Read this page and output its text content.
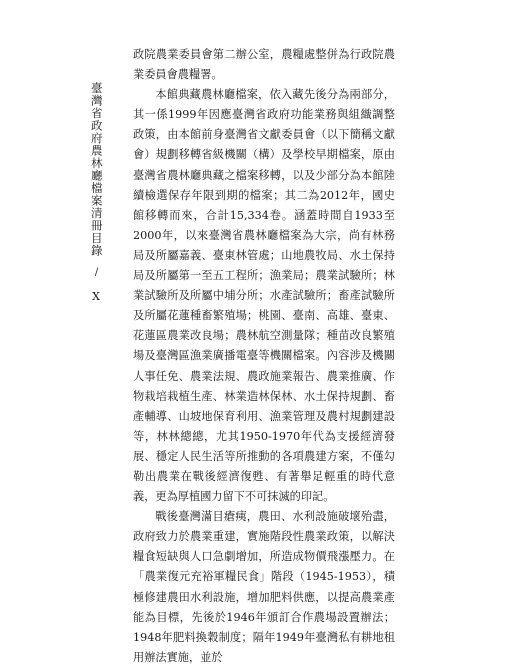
臺灣省政府農林廳檔案清冊目錄
/
X

政院農業委員會第二辦公室，農糧處整併為行政院農業委員會農糧署。

本館典藏農林廳檔案，依入藏先後分為兩部分，其一係1999年因應臺灣省政府功能業務與組織調整政策，由本館前身臺灣省文獻委員會（以下簡稱文獻會）規劃移轉省級機關（構）及學校早期檔案，原由臺灣省農林廳典藏之檔案移轉，以及少部分為本館陸續檢選保存年限到期的檔案；其二為2012年，國史館移轉而來，合計15,334卷。涵蓋時間自1933至2000年，以來臺灣省農林廳檔案為大宗，尚有林務局及所屬嘉義、臺東林管處；山地農牧局、水土保持局及所屬第一至五工程所；漁業局；農業試驗所；林業試驗所及所屬中埔分所；水產試驗所；畜產試驗所及所屬花蓮種畜繁殖場；桃園、臺南、高雄、臺東、花蓮區農業改良場；農林航空測量隊；種苗改良繁殖場及臺灣區漁業廣播電臺等機關檔案。內容涉及機關人事任免、農業法規、農政施業報告、農業推廣、作物栽培栽植生產、林業造林保林、水土保持規劃、畜產輔導、山坡地保育利用、漁業管理及農村規劃建設等，林林總總，尤其1950-1970年代為支援經濟發展、穩定人民生活等所推動的各項農建方案，不僅勾勒出農業在戰後經濟復甦、有著舉足輕重的時代意義，更為厚植國力留下不可抹滅的印記。

戰後臺灣滿目瘡痍，農田、水利設施破壞殆盡，政府致力於農業重建，實施階段性農業政策，以解決糧食短缺與人口急劇增加，所造成物價飛漲壓力。在「農業復元充裕軍糧民食」階段（1945-1953），積極修建農田水利設施，增加肥料供應，以提高農業產能為目標，先後於1946年頒訂合作農場設置辦法；1948年肥料換穀制度；隔年1949年臺灣私有耕地租用辦法實施，並於
